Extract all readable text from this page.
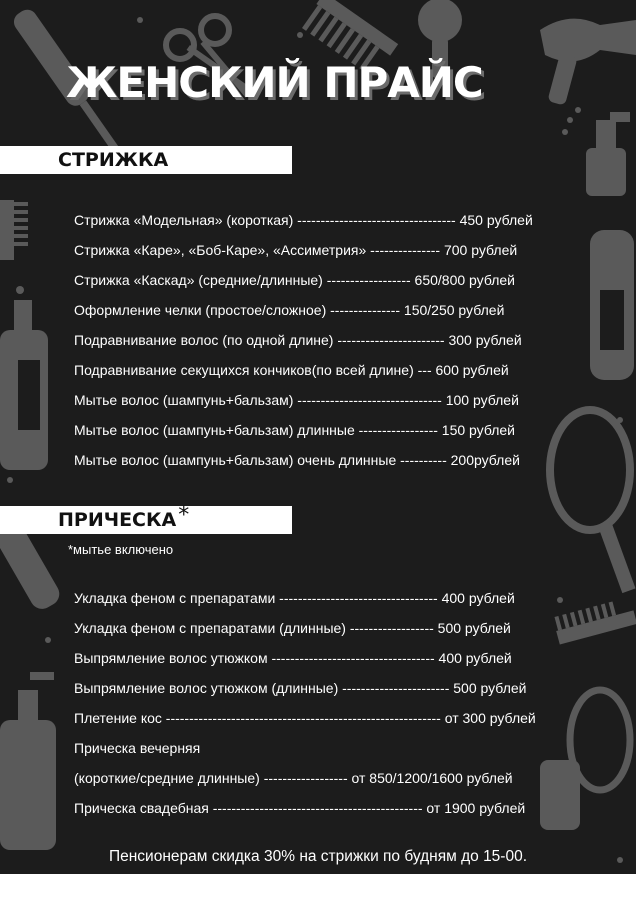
ЖЕНСКИЙ ПРАЙС
СТРИЖКА
Стрижка «Модельная» (короткая) ---------------------------------- 450 рублей
Стрижка «Каре», «Боб-Каре», «Ассиметрия» --------------- 700 рублей
Стрижка «Каскад» (средние/длинные) ------------------ 650/800 рублей
Оформление челки (простое/сложное) --------------- 150/250 рублей
Подравнивание волос (по одной длине) ----------------------- 300 рублей
Подравнивание секущихся кончиков(по всей длине) --- 600 рублей
Мытье волос (шампунь+бальзам) ------------------------------- 100 рублей
Мытье волос (шампунь+бальзам) длинные ----------------- 150 рублей
Мытье волос (шампунь+бальзам) очень длинные ---------- 200рублей
ПРИЧЕСКА*
*мытье включено
Укладка феном с препаратами ---------------------------------- 400 рублей
Укладка феном с препаратами (длинные) ------------------ 500 рублей
Выпрямление волос утюжком ----------------------------------- 400 рублей
Выпрямление волос утюжком (длинные) ----------------------- 500 рублей
Плетение кос ----------------------------------------------------------- от 300 рублей
Прическа вечерняя
(короткие/средние длинные) ------------------ от 850/1200/1600 рублей
Прическа свадебная --------------------------------------------- от 1900 рублей
Пенсионерам скидка 30% на стрижки по будням до 15-00.
